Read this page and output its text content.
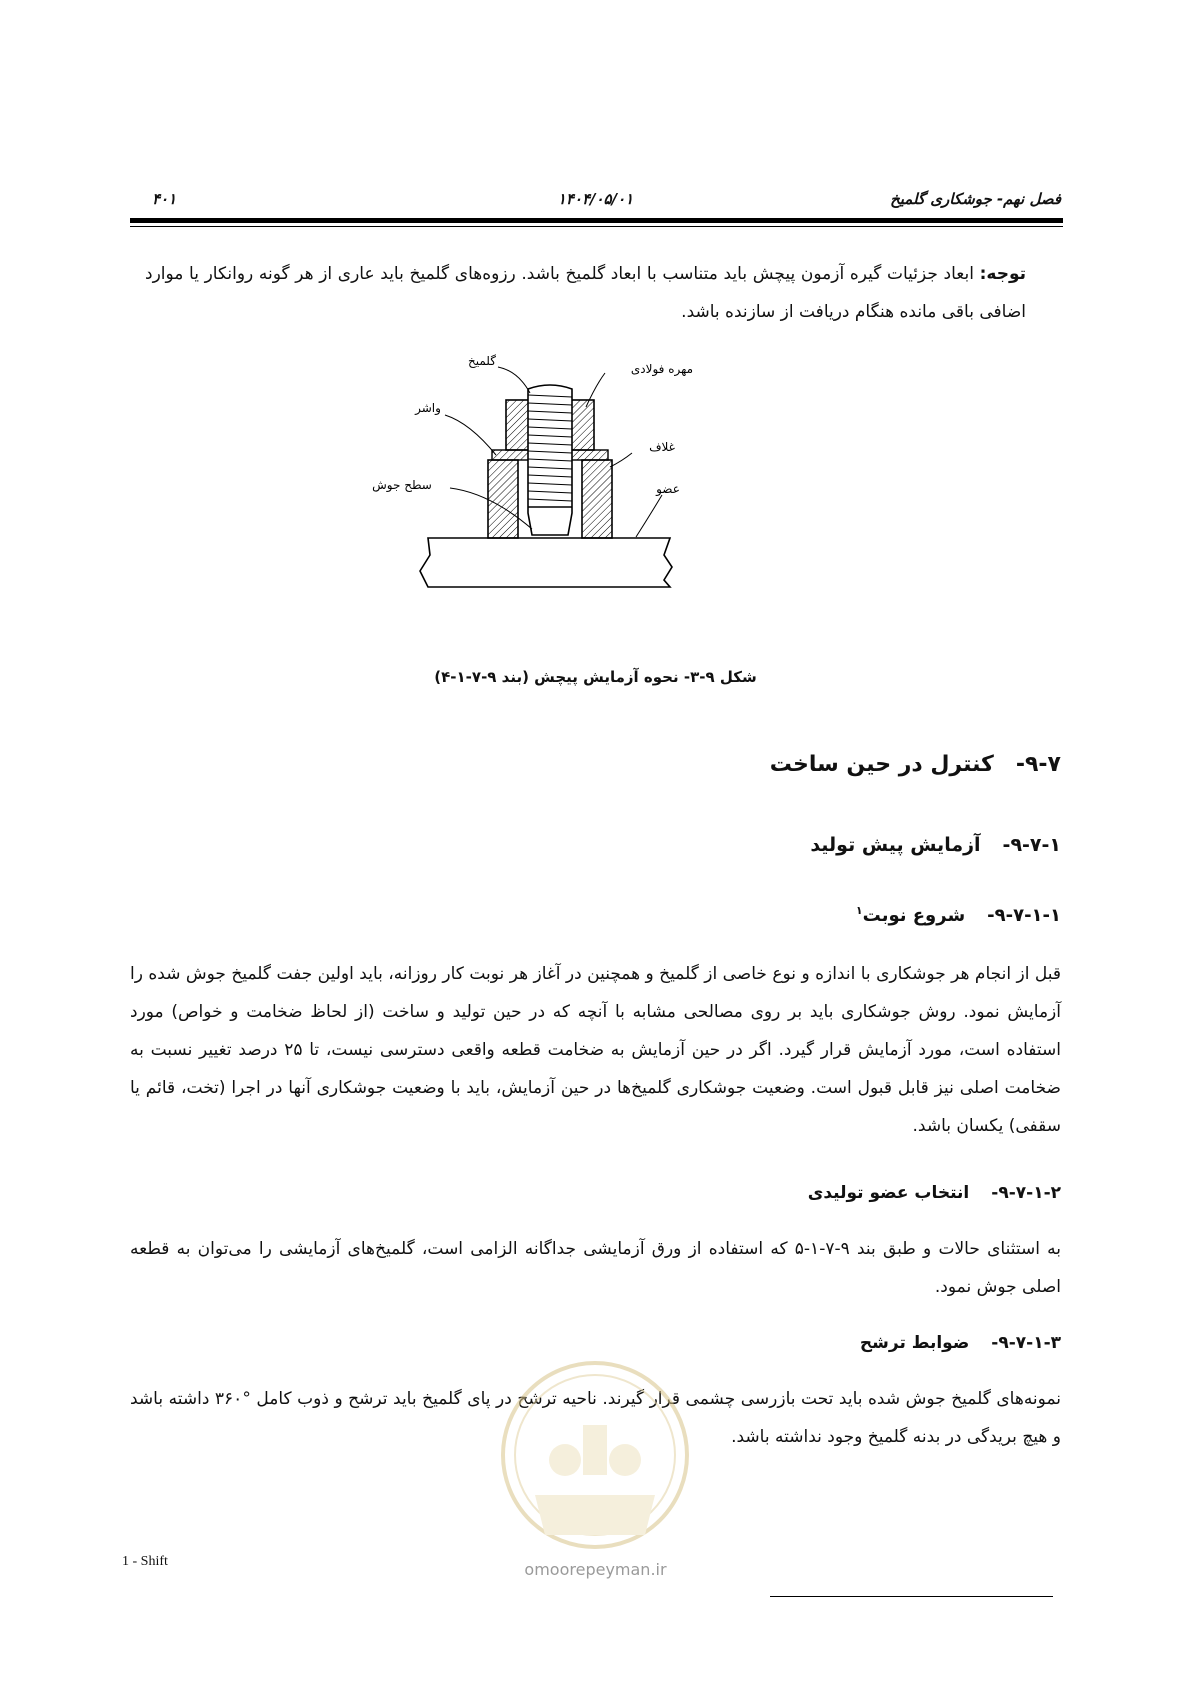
فصل نهم- جوشکاری گلمیخ
۱۴۰۴/۰۵/۰۱
۴۰۱
توجه: ابعاد جزئیات گیره آزمون پیچش باید متناسب با ابعاد گلمیخ باشد. رزوه‌های گلمیخ باید عاری از هر گونه روانکار یا موارد اضافی باقی مانده هنگام دریافت از سازنده باشد.
گلمیخ
مهره فولادی
واشر
غلاف
سطح جوش	عضو
شکل ۹-۳- نحوه آزمایش پیچش (بند ۹-۷-۱-۴)
۹-۷-کنترل در حین ساخت
۹-۷-۱-آزمایش پیش تولید
۹-۷-۱-۱-شروع نوبت$^۱$
قبل از انجام هر جوشکاری با اندازه و نوع خاصی از گلمیخ و همچنین در آغاز هر نوبت کار روزانه، باید اولین جفت گلمیخ جوش شده را آزمایش نمود. روش جوشکاری باید بر روی مصالحی مشابه با آنچه که در حین تولید و ساخت (از لحاظ ضخامت و خواص) مورد استفاده است، مورد آزمایش قرار گیرد. اگر در حین آزمایش به ضخامت قطعه واقعی دسترسی نیست، تا ۲۵ درصد تغییر نسبت به ضخامت اصلی نیز قابل قبول است. وضعیت جوشکاری گلمیخ‌ها در حین آزمایش، باید با وضعیت جوشکاری آنها در اجرا (تخت، قائم یا سقفی) یکسان باشد.
۹-۷-۱-۲-انتخاب عضو تولیدی
به استثنای حالات و طبق بند ۹-۷-۱-۵ که استفاده از ورق آزمایشی جداگانه الزامی است، گلمیخ‌های آزمایشی را می‌توان به قطعه اصلی جوش نمود.
۹-۷-۱-۳-ضوابط ترشح
نمونه‌های گلمیخ جوش شده باید تحت بازرسی چشمی قرار گیرند. ناحیه ترشح در پای گلمیخ باید ترشح و ذوب کامل °۳۶۰ داشته باشد و هیچ بریدگی در بدنه گلمیخ وجود نداشته باشد.
omoorepeyman.ir
1 - Shift
